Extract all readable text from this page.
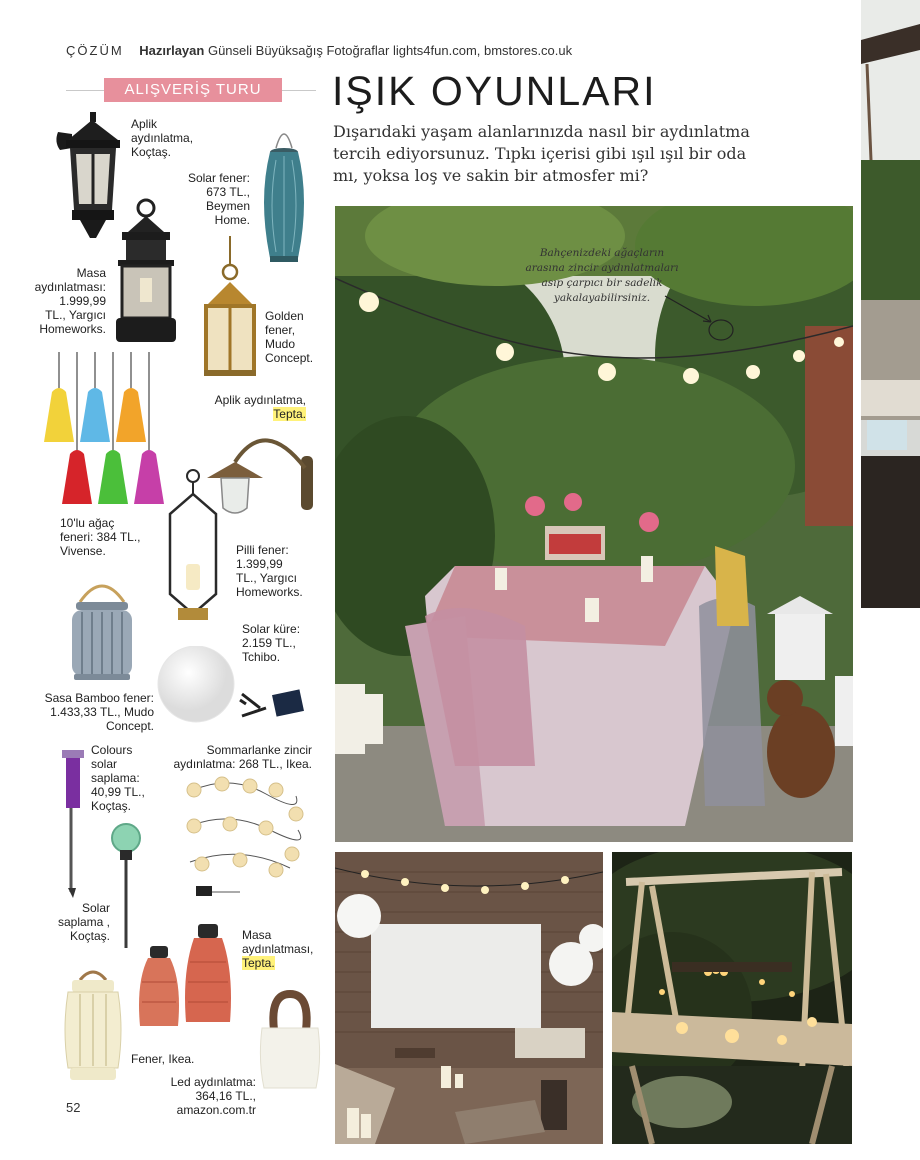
ÇÖZÜM Hazırlayan Günseli Büyüksağış Fotoğraflar lights4fun.com, bmstores.co.uk
ALIŞVERİŞ TURU	IŞIK OYUNLARI
Dışarıdaki yaşam alanlarınızda nasıl bir aydınlatma tercih ediyorsunuz. Tıpkı içerisi gibi ışıl ışıl bir oda mı, yoksa loş ve sakin bir atmosfer mi?
Aplik
aydınlatma,
Koçtaş.
Solar fener:
673 TL.,
Beymen
Home.
Masa
aydınlatması:
1.999,99
TL., Yargıcı
Homeworks.
Golden
fener,
Mudo
Concept.
Aplik aydınlatma,
Tepta.
10'lu ağaç
feneri: 384 TL.,
Vivense.	Pilli fener:
1.399,99
TL., Yargıcı
Homeworks.
Solar küre:
2.159 TL.,
Tchibo.
Sasa Bamboo fener:
1.433,33 TL., Mudo
Concept.
Colours
solar
saplama:
40,99 TL.,
Koçtaş.
Sommarlanke zincir
aydınlatma: 268 TL., Ikea.
Solar
saplama ,
Koçtaş.	Masa
aydınlatması,
Tepta.
Fener, Ikea.
Led aydınlatma:
364,16 TL.,
amazon.com.tr
52
Bahçenizdeki ağaçların arasına zincir aydınlatmaları asıp çarpıcı bir sadelik yakalayabilirsiniz.
